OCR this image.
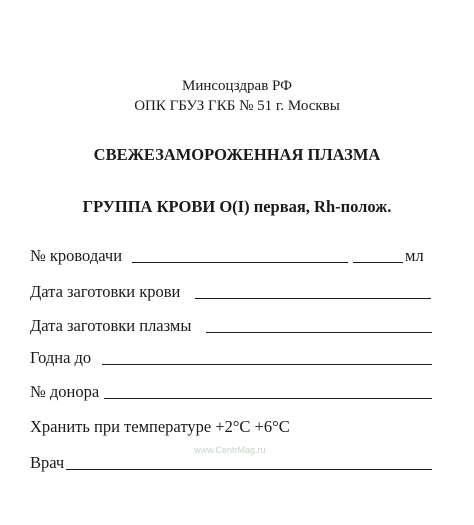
Минсоцздрав РФ
ОПК ГБУЗ ГКБ № 51 г. Москвы
СВЕЖЕЗАМОРОЖЕННАЯ ПЛАЗМА
ГРУППА КРОВИ О(I) первая, Rh-полож.
№ кроводачи	мл
Дата заготовки крови
Дата заготовки плазмы
Годна до
№ донора
Хранить при температуре +2°С +6°С
Врач
www.CentrMag.ru
